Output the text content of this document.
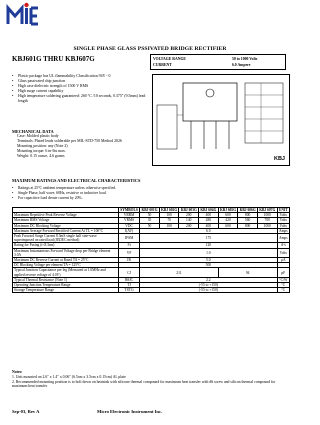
SINGLE PHASE GLASS PSSIVATED BRIDGE RECTIFIER
KBJ601G THRU KBJ607G	VOLTAGE RANGE	50 to 1000 Volts
CURRENT	6.0 Ampere
• Plastic package has UL flammability Classification 94V - 0
• Glass passivated chip junction
• High case dielectric strength of 1500 V RMS
• High surge current capability
• High temperature soldering guaranteed: 260 °C /10 seconds, 0.375" (9.5mm) lead length
MECHANICAL DATA
Case: Molded plastic body
Terminals: Plated leads solderable per MIL-STD-750 Method 2026
Mounting position: any (Note 2)
Mounting torque: 6 in-lbs max.
Weight: 0.15 ounce, 4.6 grams	KBJ
MAXIMUM RATINGS AND ELECTRICAL CHARACTERISTICS
• Ratings at 25°C ambient temperature unless otherwise specified.
• Single Phase, half wave, 60Hz, resistive or inductive load.
• For capacitive load derate current by 20%.
	SYMBOLS	KBJ 601G	KBJ 602G	KBJ 603G	KBJ 604G	KBJ 605G	KBJ 606G	KBJ 607G	UNIT
Maximum Repetitive Peak Reverse Voltage	VRRM	50	100	200	400	600	800	1000	Volts
Maximum RMS Voltage	VRMS	35	70	140	280	420	560	700	Volts
Maximum DC Blocking Voltage	VDC	50	100	200	400	600	800	1000	Volts
Maximum Average Forward Rectified Current At TL = 100°C	I(AV)	6.0							Amps
Peak Forward Surge Current 8.3mS single half sine-wave superimposed on rated load (JEDEC method)	IFSM	175							Amps
Rating for Fusing (t<8.3ms)	I²t	120							A²s
Maximum Instantaneous Forward Voltage drop per Bridge element 3.0A	VF	1.0							Volts
Maximum DC Reverse Current at Rated TA = 25°C	IR	5.0							µA
DC Blocking Voltage per element TA = 125°C		500							
Typical Junction Capacitance per leg (Measured at 1.0MHz and applied reverse voltage of 4.0V)	CJ	211				94			pF
Typical Thermal Resistance (Note 1)	RθJC	2.2							°C/W
Operating Junction Temperature Range	TJ	(-55 to +150)							°C
Storage Temperature Range	TSTG	(-55 to +150)							°C
Notes:
1. Unit mounted on 2.6" x 1.4" x 0.06" (6.5cm x 3.5cm x 0.15cm) Al. plate
2. Recommended mounting position is to bolt down on heatsink with silicone thermal compound for maximum heat transfer with #6 screw and silicon thermal compound for maximum heat transfer
Sep-03, Rev A	Micro Electronic Instrument Inc.
